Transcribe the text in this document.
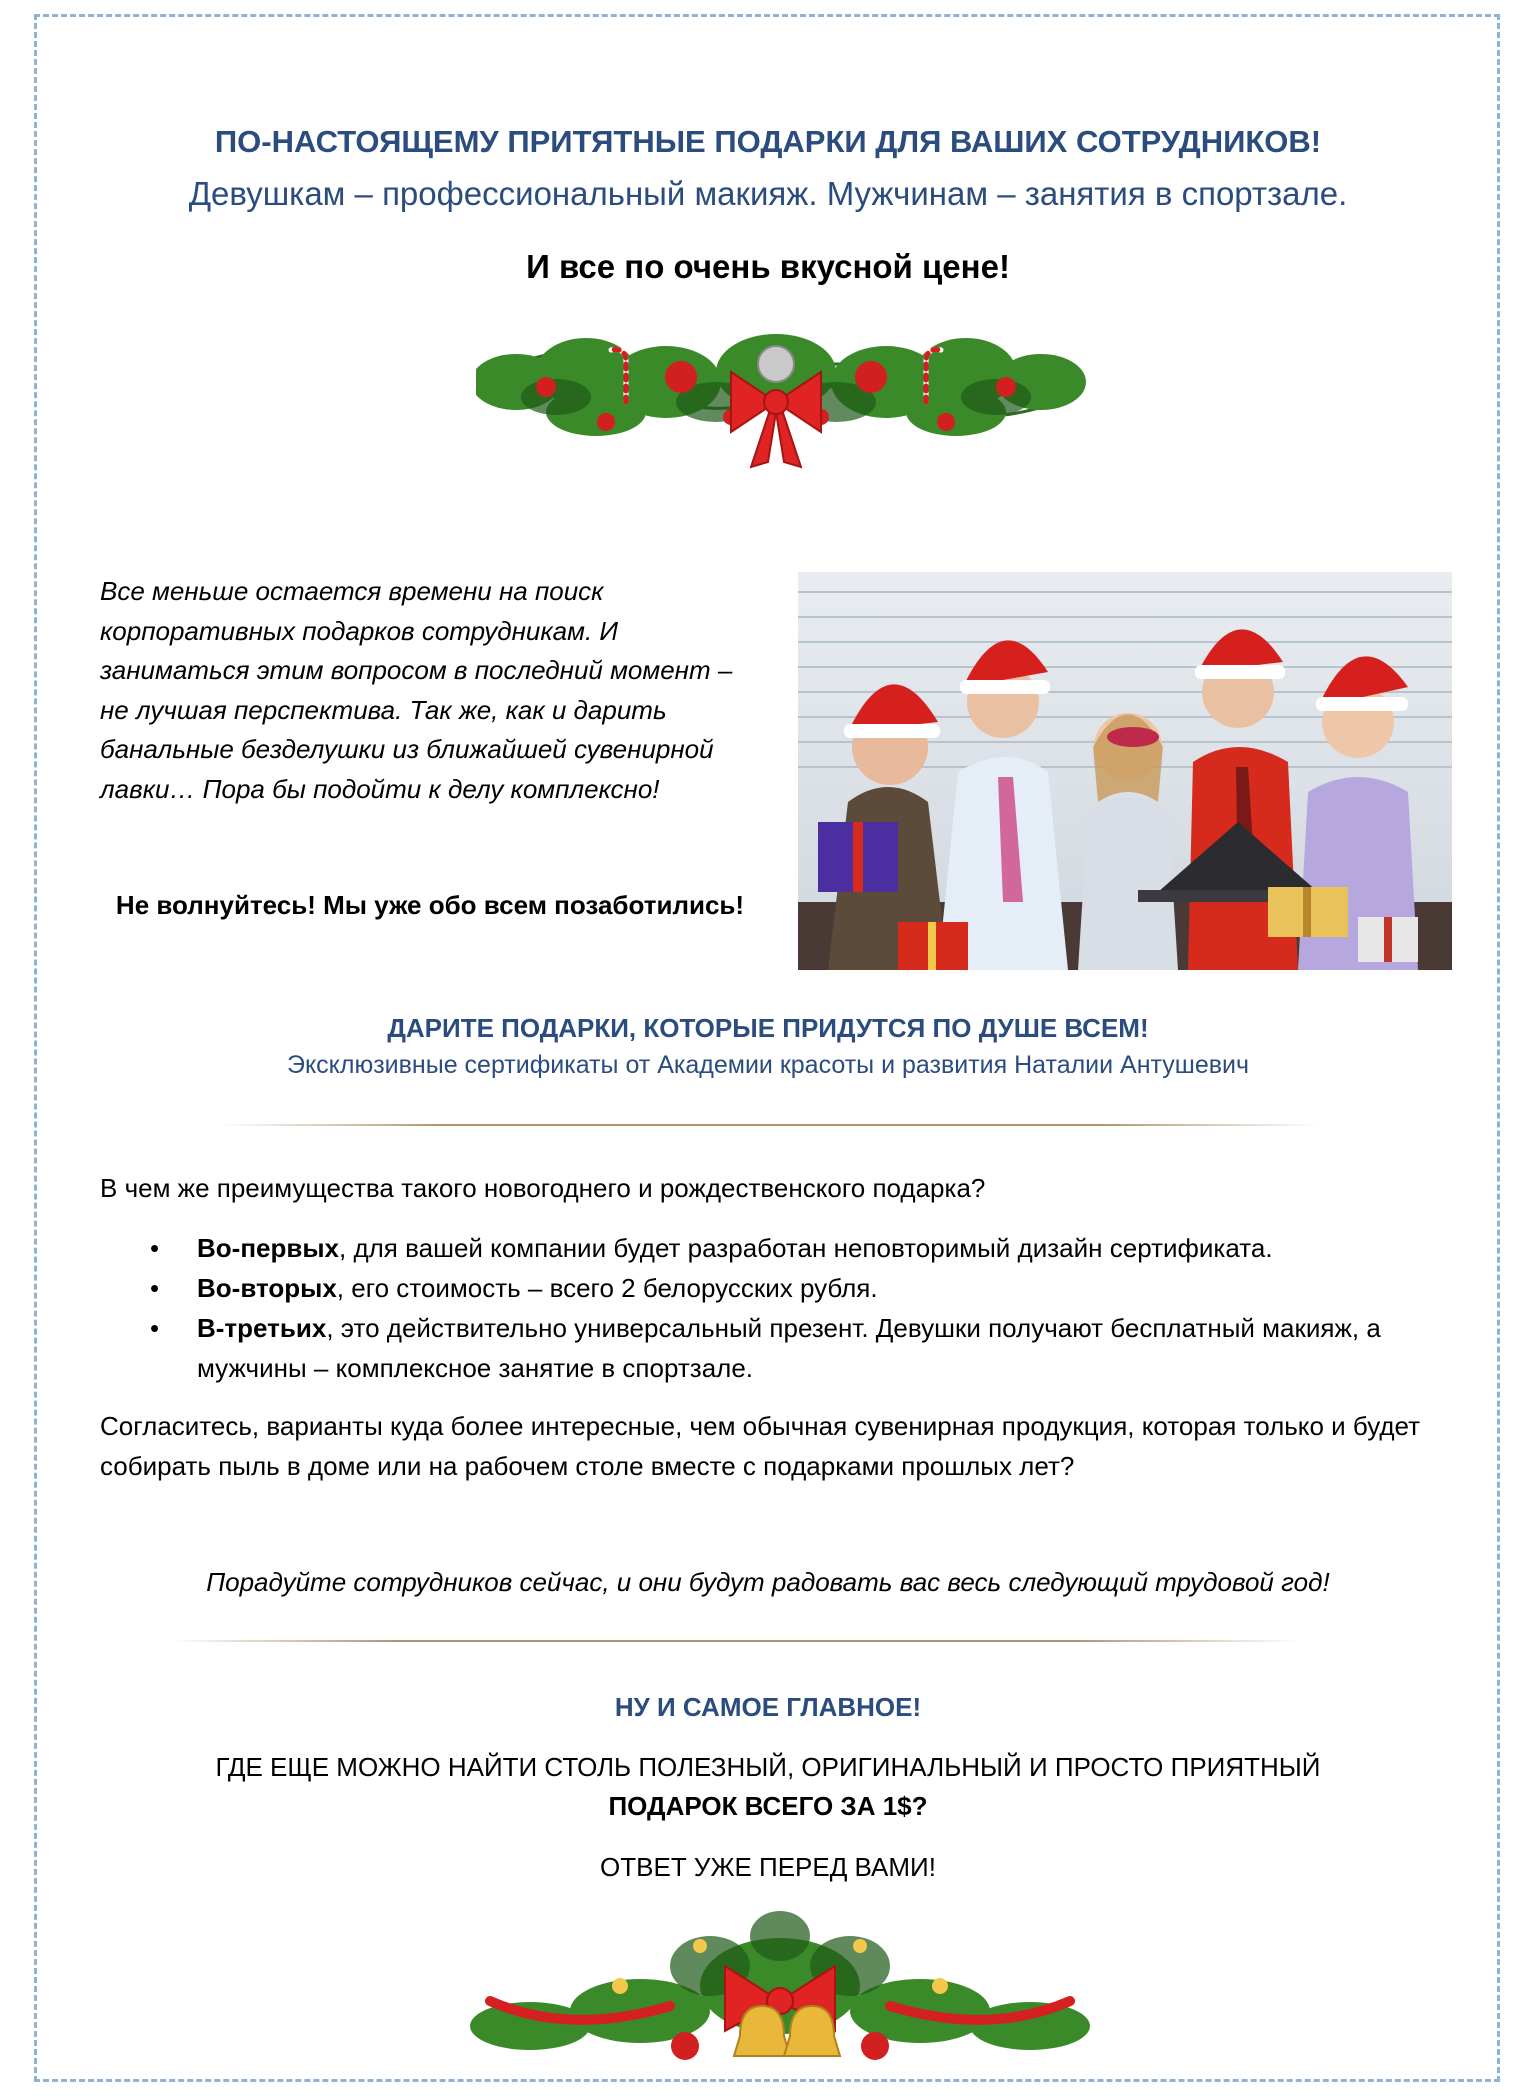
ПО-НАСТОЯЩЕМУ ПРИТЯТНЫЕ ПОДАРКИ ДЛЯ ВАШИХ СОТРУДНИКОВ!
Девушкам – профессиональный макияж. Мужчинам – занятия в спортзале.
И все по очень вкусной цене!

Все меньше остается времени на поиск корпоративных подарков сотрудникам. И заниматься этим вопросом в последний момент – не лучшая перспектива. Так же, как и дарить банальные безделушки из ближайшей сувенирной лавки… Пора бы подойти к делу комплексно!

Не волнуйтесь! Мы уже обо всем позаботились!
ДАРИТЕ ПОДАРКИ, КОТОРЫЕ ПРИДУТСЯ ПО ДУШЕ ВСЕМ!
Эксклюзивные сертификаты от Академии красоты и развития Наталии Антушевич
В чем же преимущества такого новогоднего и рождественского подарка?
• Во-первых, для вашей компании будет разработан неповторимый дизайн сертификата.
• Во-вторых, его стоимость – всего 2 белорусских рубля.
• В-третьих, это действительно универсальный презент. Девушки получают бесплатный макияж, а мужчины – комплексное занятие в спортзале.

Согласитесь, варианты куда более интересные, чем обычная сувенирная продукция, которая только и будет собирать пыль в доме или на рабочем столе вместе с подарками прошлых лет?

Порадуйте сотрудников сейчас, и они будут радовать вас весь следующий трудовой год!
НУ И САМОЕ ГЛАВНОЕ!
ГДЕ ЕЩЕ МОЖНО НАЙТИ СТОЛЬ ПОЛЕЗНЫЙ, ОРИГИНАЛЬНЫЙ И ПРОСТО ПРИЯТНЫЙ
ПОДАРОК ВСЕГО ЗА 1$?
ОТВЕТ УЖЕ ПЕРЕД ВАМИ!
